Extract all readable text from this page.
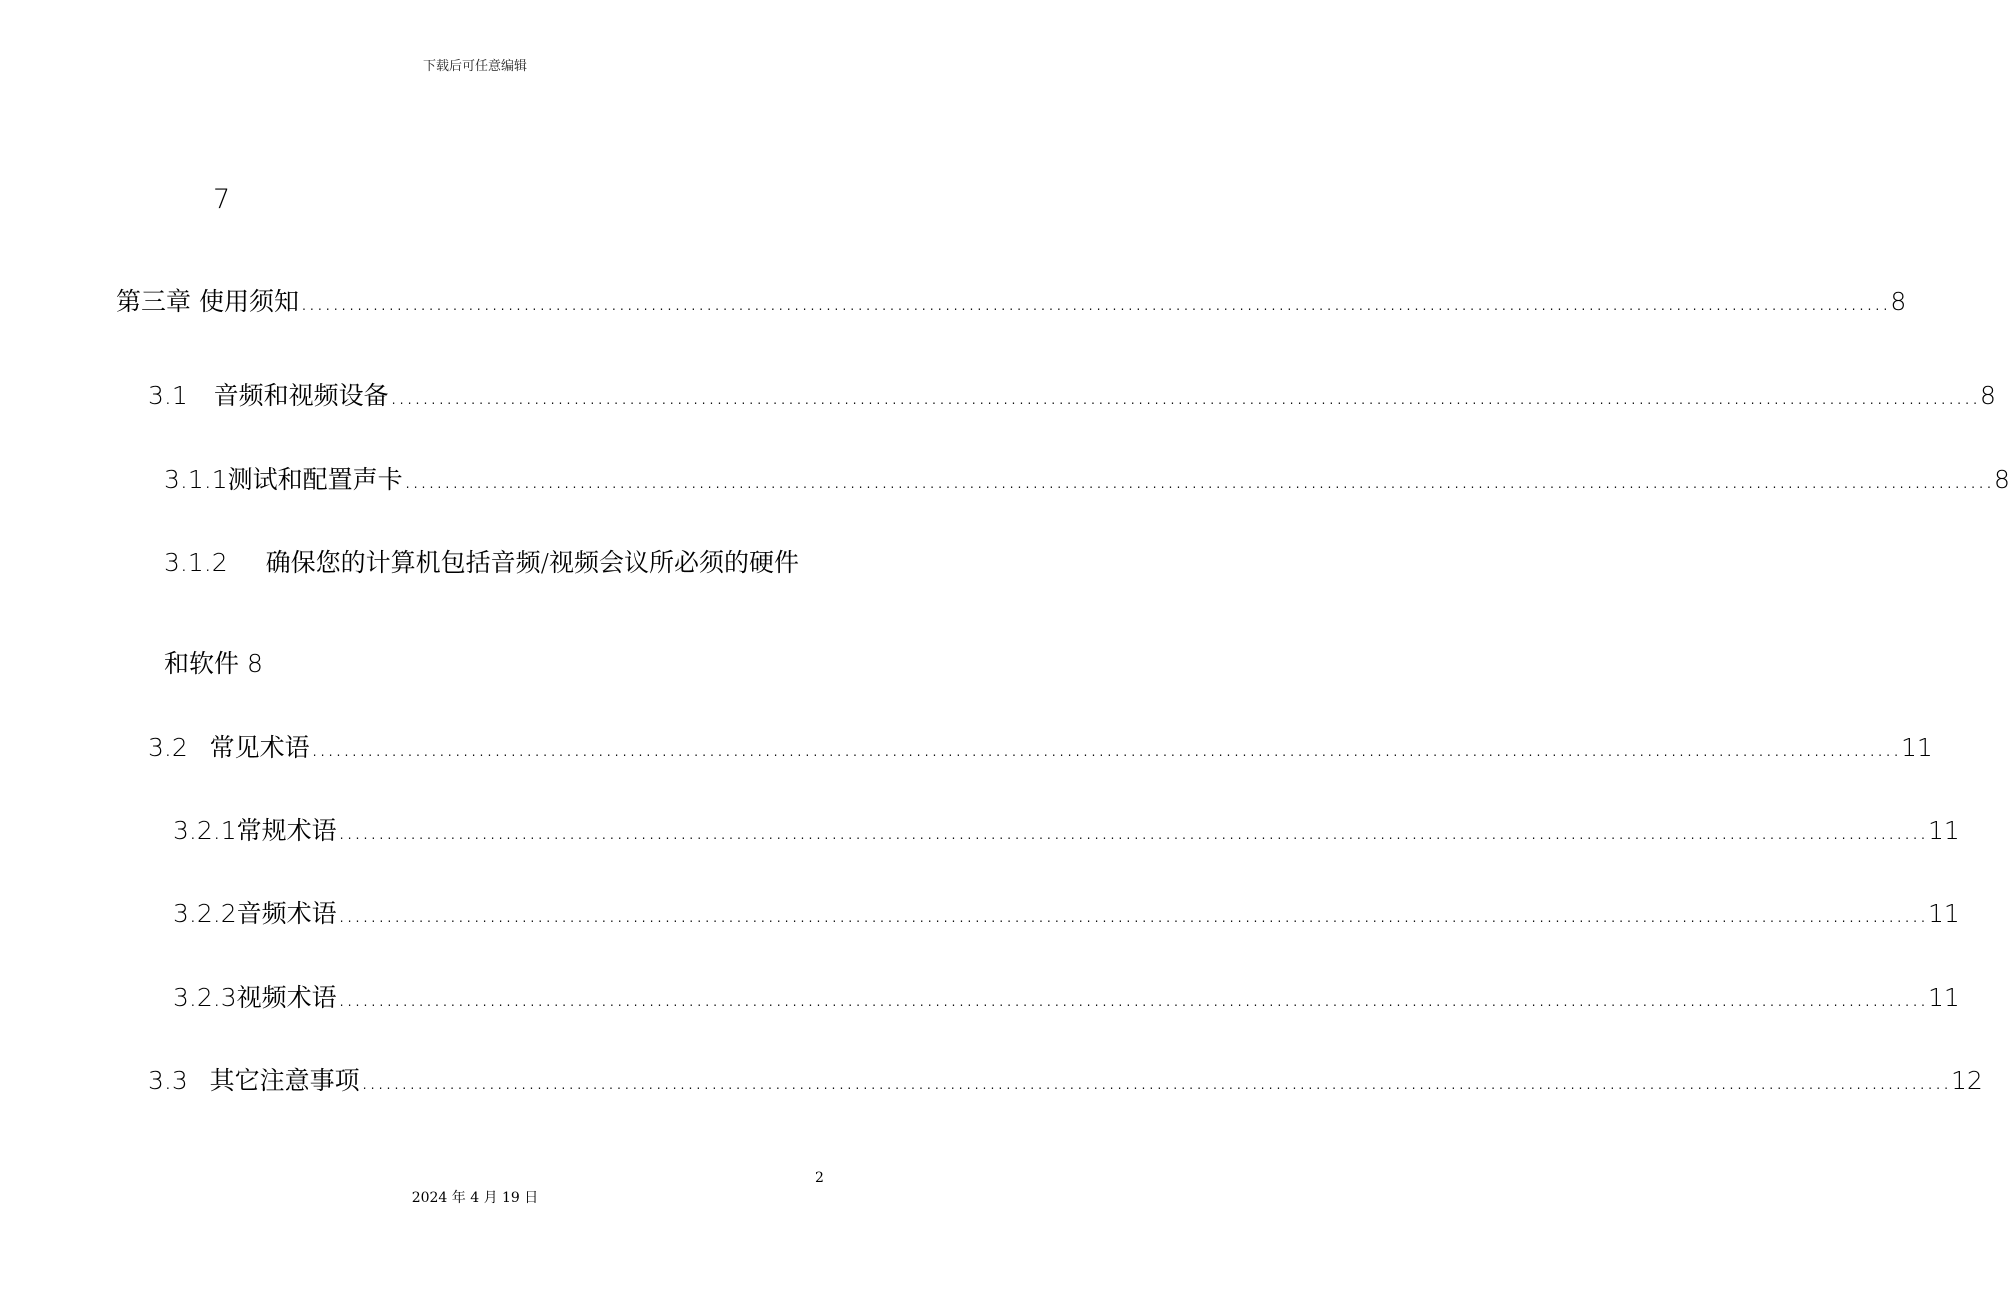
下载后可任意编辑
7
第三章 使用须知 ........................................................................................................................................................................................................ 8
3.1 音频和视频设备 ........................................................................................................................................................................................................ 8
3.1.1 测试和配置声卡 ........................................................................................................................................................................................................ 8
3.1.2 确保您的计算机包括音频/视频会议所必须的硬件
和软件 8
3.2 常见术语 ........................................................................................................................................................................................................ 11
3.2.1 常规术语 ........................................................................................................................................................................................................ 11
3.2.2 音频术语 ........................................................................................................................................................................................................ 11
3.2.3 视频术语 ........................................................................................................................................................................................................ 11
3.3 其它注意事项 ........................................................................................................................................................................................................ 12
2
2024 年 4 月 19 日
